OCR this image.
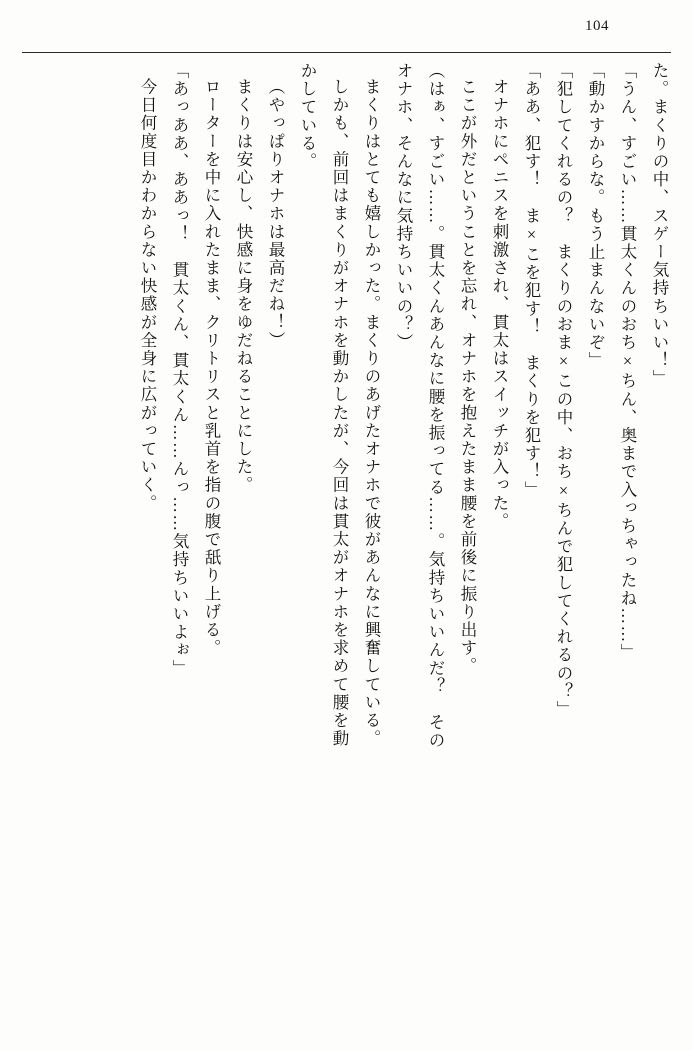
104
た。まくりの中、スゲー気持ちいい！」
「うん、すごい……貫太くんのおち×ちん、奥まで入っちゃったね……」
「動かすからな。もう止まんないぞ」
「犯してくれるの？　まくりのおま×この中、おち×ちんで犯してくれるの？」
「ああ、犯す！　ま×こを犯す！　まくりを犯す！」
オナホにペニスを刺激され、貫太はスイッチが入った。
ここが外だということを忘れ、オナホを抱えたまま腰を前後に振り出す。
（はぁ、すごい……。貫太くんあんなに腰を振ってる……。気持ちいいんだ？　その
オナホ、そんなに気持ちいいの？）
まくりはとても嬉しかった。まくりのあげたオナホで彼があんなに興奮している。
しかも、前回はまくりがオナホを動かしたが、今回は貫太がオナホを求めて腰を動
かしている。
（やっぱりオナホは最高だね！）
まくりは安心し、快感に身をゆだねることにした。
ローターを中に入れたまま、クリトリスと乳首を指の腹で舐り上げる。
「あっああ、ああっ！　貫太くん、貫太くん……んっ……気持ちいいよぉ」
今日何度目かわからない快感が全身に広がっていく。
